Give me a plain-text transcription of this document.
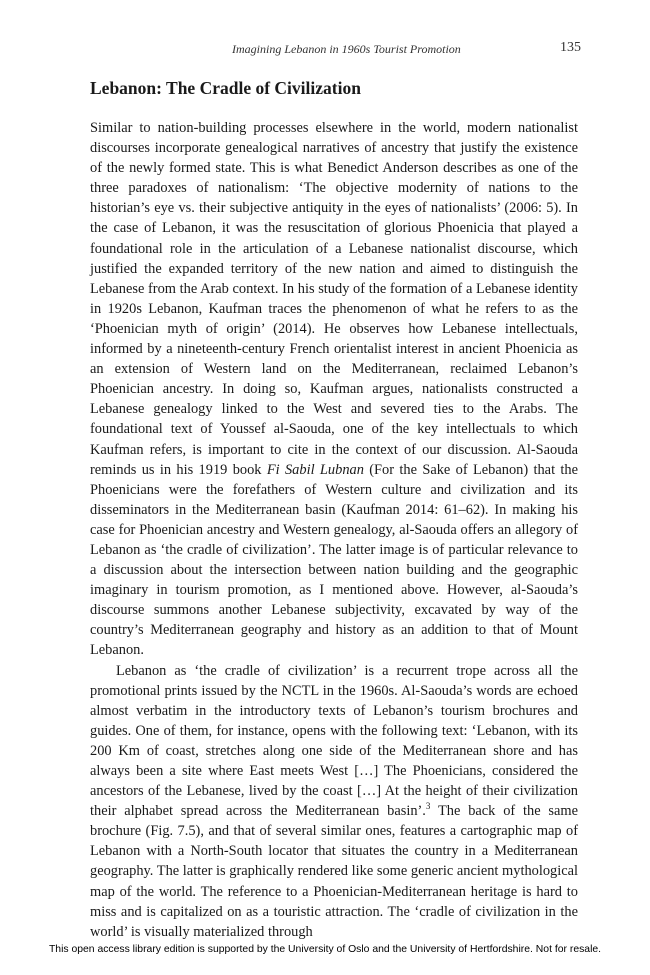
Imagining Lebanon in 1960s Tourist Promotion	135
Lebanon: The Cradle of Civilization

Similar to nation-building processes elsewhere in the world, modern nationalist discourses incorporate genealogical narratives of ancestry that justify the existence of the newly formed state. This is what Benedict Anderson describes as one of the three paradoxes of nationalism: ‘The objective modernity of nations to the historian’s eye vs. their subjective antiquity in the eyes of nationalists’ (2006: 5). In the case of Lebanon, it was the resuscitation of glorious Phoenicia that played a foundational role in the articulation of a Lebanese nationalist discourse, which justified the expanded territory of the new nation and aimed to distinguish the Lebanese from the Arab context. In his study of the formation of a Lebanese identity in 1920s Lebanon, Kaufman traces the phenomenon of what he refers to as the ‘Phoenician myth of origin’ (2014). He observes how Lebanese intellectuals, informed by a nineteenth-century French orientalist interest in ancient Phoenicia as an extension of Western land on the Mediterranean, reclaimed Lebanon’s Phoenician ancestry. In doing so, Kaufman argues, nationalists constructed a Lebanese genealogy linked to the West and severed ties to the Arabs. The foundational text of Youssef al-Saouda, one of the key intellectuals to which Kaufman refers, is important to cite in the context of our discussion. Al-Saouda reminds us in his 1919 book Fi Sabil Lubnan (For the Sake of Lebanon) that the Phoenicians were the forefathers of Western culture and civilization and its disseminators in the Mediterranean basin (Kaufman 2014: 61–62). In making his case for Phoenician ancestry and Western genealogy, al-Saouda offers an allegory of Lebanon as ‘the cradle of civilization’. The latter image is of particular relevance to a discussion about the intersection between nation building and the geographic imaginary in tourism promotion, as I mentioned above. However, al-Saouda’s discourse summons another Lebanese subjectivity, excavated by way of the country’s Mediterranean geography and history as an addition to that of Mount Lebanon.

Lebanon as ‘the cradle of civilization’ is a recurrent trope across all the promotional prints issued by the NCTL in the 1960s. Al-Saouda’s words are echoed almost verbatim in the introductory texts of Lebanon’s tourism brochures and guides. One of them, for instance, opens with the following text: ‘Lebanon, with its 200 Km of coast, stretches along one side of the Mediterranean shore and has always been a site where East meets West […] The Phoenicians, considered the ancestors of the Lebanese, lived by the coast […] At the height of their civilization their alphabet spread across the Mediterranean basin’.$^3$ The back of the same brochure (Fig. 7.5), and that of several similar ones, features a cartographic map of Lebanon with a North-South locator that situates the country in a Mediterranean geography. The latter is graphically rendered like some generic ancient mythological map of the world. The reference to a Phoenician-Mediterranean heritage is hard to miss and is capitalized on as a touristic attraction. The ‘cradle of civilization in the world’ is visually materialized through

This open access library edition is supported by the University of Oslo and the University of Hertfordshire. Not for resale.
